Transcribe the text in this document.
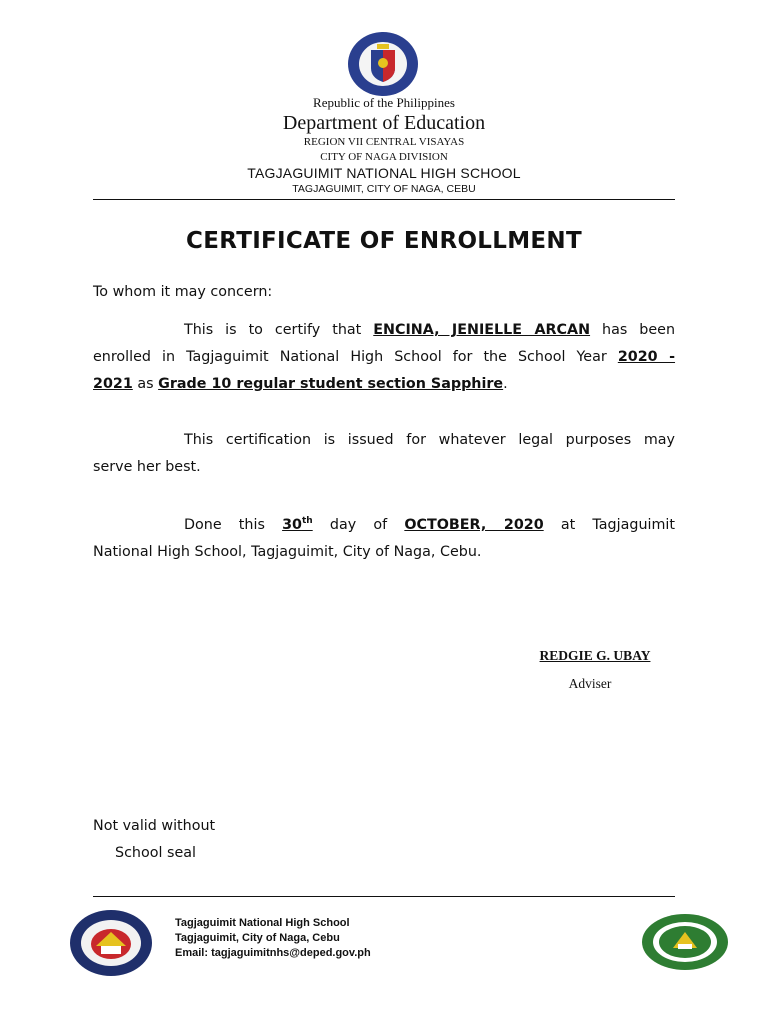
Republic of the Philippines
Department of Education
REGION VII CENTRAL VISAYAS
CITY OF NAGA DIVISION
TAGJAGUIMIT NATIONAL HIGH SCHOOL
TAGJAGUIMIT, CITY OF NAGA, CEBU
CERTIFICATE OF ENROLLMENT
To whom it may concern:
This is to certify that ENCINA, JENIELLE ARCAN has been
enrolled in Tagjaguimit National High School for the School Year 2020 -
2021 as Grade 10 regular student section Sapphire.
This certification is issued for whatever legal purposes may
serve her best.
Done this 30th day of OCTOBER, 2020 at Tagjaguimit
National High School, Tagjaguimit, City of Naga, Cebu.
REDGIE G. UBAY
Adviser
Not valid without
School seal
Tagjaguimit National High School
Tagjaguimit, City of Naga, Cebu
Email: tagjaguimitnhs@deped.gov.ph
